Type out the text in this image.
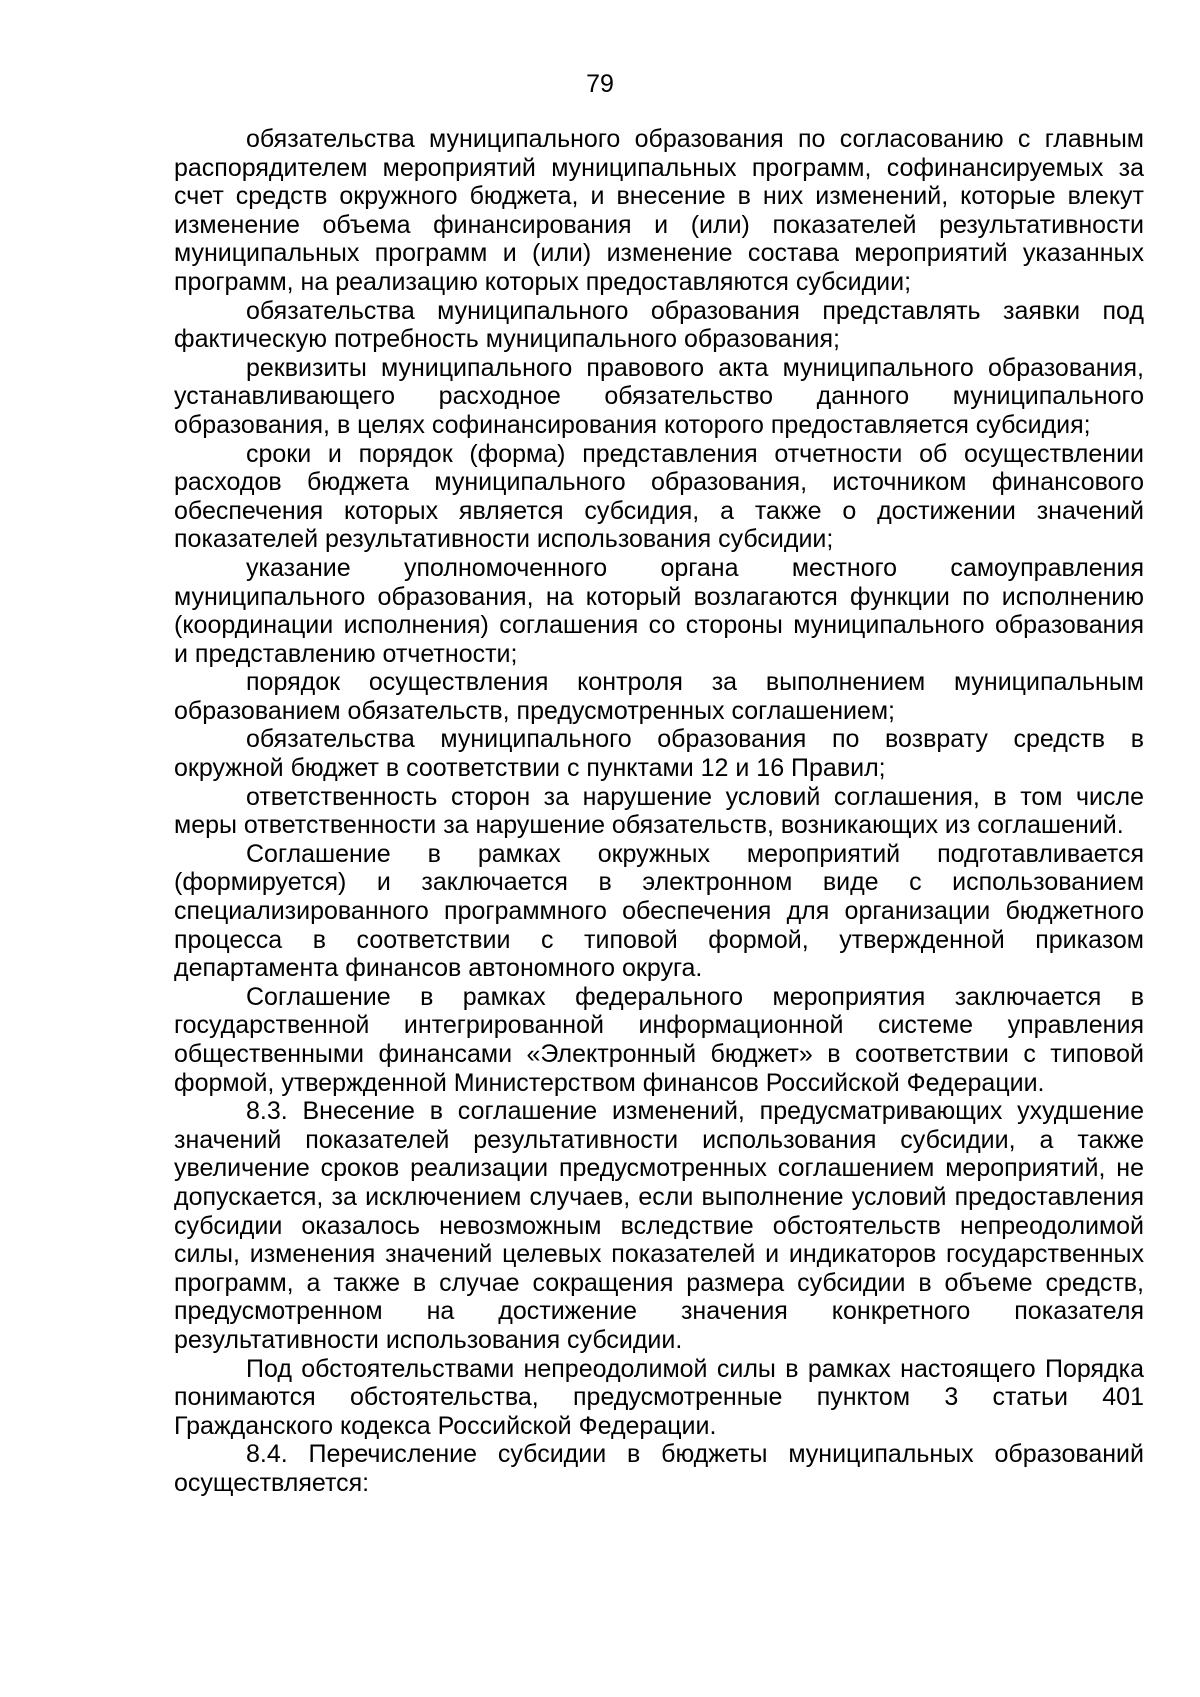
79

обязательства муниципального образования по согласованию с главным распорядителем мероприятий муниципальных программ, софинансируемых за счет средств окружного бюджета, и внесение в них изменений, которые влекут изменение объема финансирования и (или) показателей результативности муниципальных программ и (или) изменение состава мероприятий указанных программ, на реализацию которых предоставляются субсидии;

обязательства муниципального образования представлять заявки под фактическую потребность муниципального образования;

реквизиты муниципального правового акта муниципального образования, устанавливающего расходное обязательство данного муниципального образования, в целях софинансирования которого предоставляется субсидия;

сроки и порядок (форма) представления отчетности об осуществлении расходов бюджета муниципального образования, источником финансового обеспечения которых является субсидия, а также о достижении значений показателей результативности использования субсидии;

указание уполномоченного органа местного самоуправления муниципального образования, на который возлагаются функции по исполнению (координации исполнения) соглашения со стороны муниципального образования и представлению отчетности;

порядок осуществления контроля за выполнением муниципальным образованием обязательств, предусмотренных соглашением;

обязательства муниципального образования по возврату средств в окружной бюджет в соответствии с пунктами 12 и 16 Правил;

ответственность сторон за нарушение условий соглашения, в том числе меры ответственности за нарушение обязательств, возникающих из соглашений.

Соглашение в рамках окружных мероприятий подготавливается (формируется) и заключается в электронном виде с использованием специализированного программного обеспечения для организации бюджетного процесса в соответствии с типовой формой, утвержденной приказом департамента финансов автономного округа.

Соглашение в рамках федерального мероприятия заключается в государственной интегрированной информационной системе управления общественными финансами «Электронный бюджет» в соответствии с типовой формой, утвержденной Министерством финансов Российской Федерации.

8.3. Внесение в соглашение изменений, предусматривающих ухудшение значений показателей результативности использования субсидии, а также увеличение сроков реализации предусмотренных соглашением мероприятий, не допускается, за исключением случаев, если выполнение условий предоставления субсидии оказалось невозможным вследствие обстоятельств непреодолимой силы, изменения значений целевых показателей и индикаторов государственных программ, а также в случае сокращения размера субсидии в объеме средств, предусмотренном на достижение значения конкретного показателя результативности использования субсидии.

Под обстоятельствами непреодолимой силы в рамках настоящего Порядка понимаются обстоятельства, предусмотренные пунктом 3 статьи 401 Гражданского кодекса Российской Федерации.

8.4. Перечисление субсидии в бюджеты муниципальных образований осуществляется:
